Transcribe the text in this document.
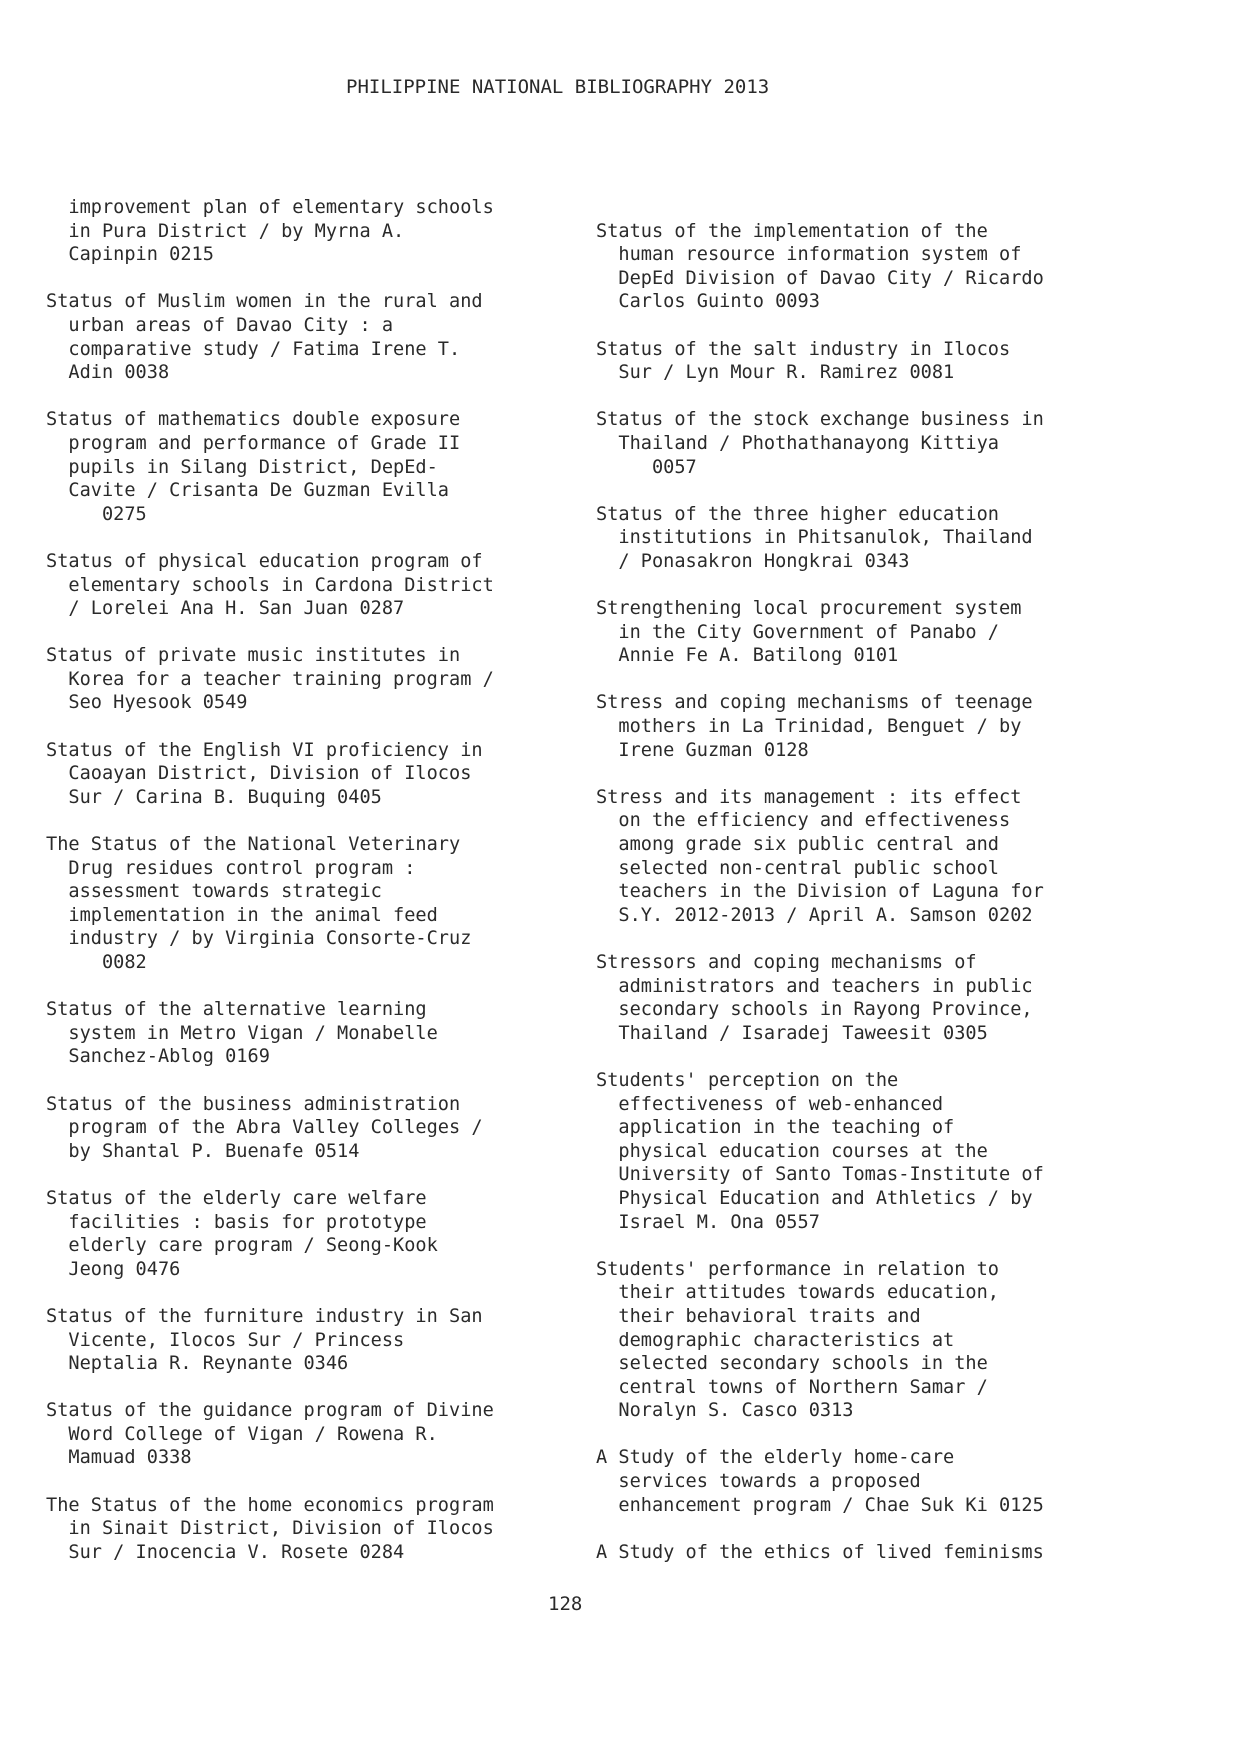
PHILIPPINE NATIONAL BIBLIOGRAPHY 2013
improvement plan of elementary schools
in Pura District / by Myrna A.
Capinpin 0215
Status of Muslim women in the rural and
urban areas of Davao City : a
comparative study / Fatima Irene T.
Adin 0038
Status of mathematics double exposure
program and performance of Grade II
pupils in Silang District, DepEd-
Cavite / Crisanta De Guzman Evilla
0275
Status of physical education program of
elementary schools in Cardona District
/ Lorelei Ana H. San Juan 0287
Status of private music institutes in
Korea for a teacher training program /
Seo Hyesook 0549
Status of the English VI proficiency in
Caoayan District, Division of Ilocos
Sur / Carina B. Buquing 0405
The Status of the National Veterinary
Drug residues control program :
assessment towards strategic
implementation in the animal feed
industry / by Virginia Consorte-Cruz
0082
Status of the alternative learning
system in Metro Vigan / Monabelle
Sanchez-Ablog 0169
Status of the business administration
program of the Abra Valley Colleges /
by Shantal P. Buenafe 0514
Status of the elderly care welfare
facilities : basis for prototype
elderly care program / Seong-Kook
Jeong 0476
Status of the furniture industry in San
Vicente, Ilocos Sur / Princess
Neptalia R. Reynante 0346
Status of the guidance program of Divine
Word College of Vigan / Rowena R.
Mamuad 0338
The Status of the home economics program
in Sinait District, Division of Ilocos
Sur / Inocencia V. Rosete 0284

Status of the implementation of the
human resource information system of
DepEd Division of Davao City / Ricardo
Carlos Guinto 0093
Status of the salt industry in Ilocos
Sur / Lyn Mour R. Ramirez 0081
Status of the stock exchange business in
Thailand / Phothathanayong Kittiya
0057
Status of the three higher education
institutions in Phitsanulok, Thailand
/ Ponasakron Hongkrai 0343
Strengthening local procurement system
in the City Government of Panabo /
Annie Fe A. Batilong 0101
Stress and coping mechanisms of teenage
mothers in La Trinidad, Benguet / by
Irene Guzman 0128
Stress and its management : its effect
on the efficiency and effectiveness
among grade six public central and
selected non-central public school
teachers in the Division of Laguna for
S.Y. 2012-2013 / April A. Samson 0202
Stressors and coping mechanisms of
administrators and teachers in public
secondary schools in Rayong Province,
Thailand / Isaradej Taweesit 0305
Students' perception on the
effectiveness of web-enhanced
application in the teaching of
physical education courses at the
University of Santo Tomas-Institute of
Physical Education and Athletics / by
Israel M. Ona 0557
Students' performance in relation to
their attitudes towards education,
their behavioral traits and
demographic characteristics at
selected secondary schools in the
central towns of Northern Samar /
Noralyn S. Casco 0313
A Study of the elderly home-care
services towards a proposed
enhancement program / Chae Suk Ki 0125
A Study of the ethics of lived feminisms
128
